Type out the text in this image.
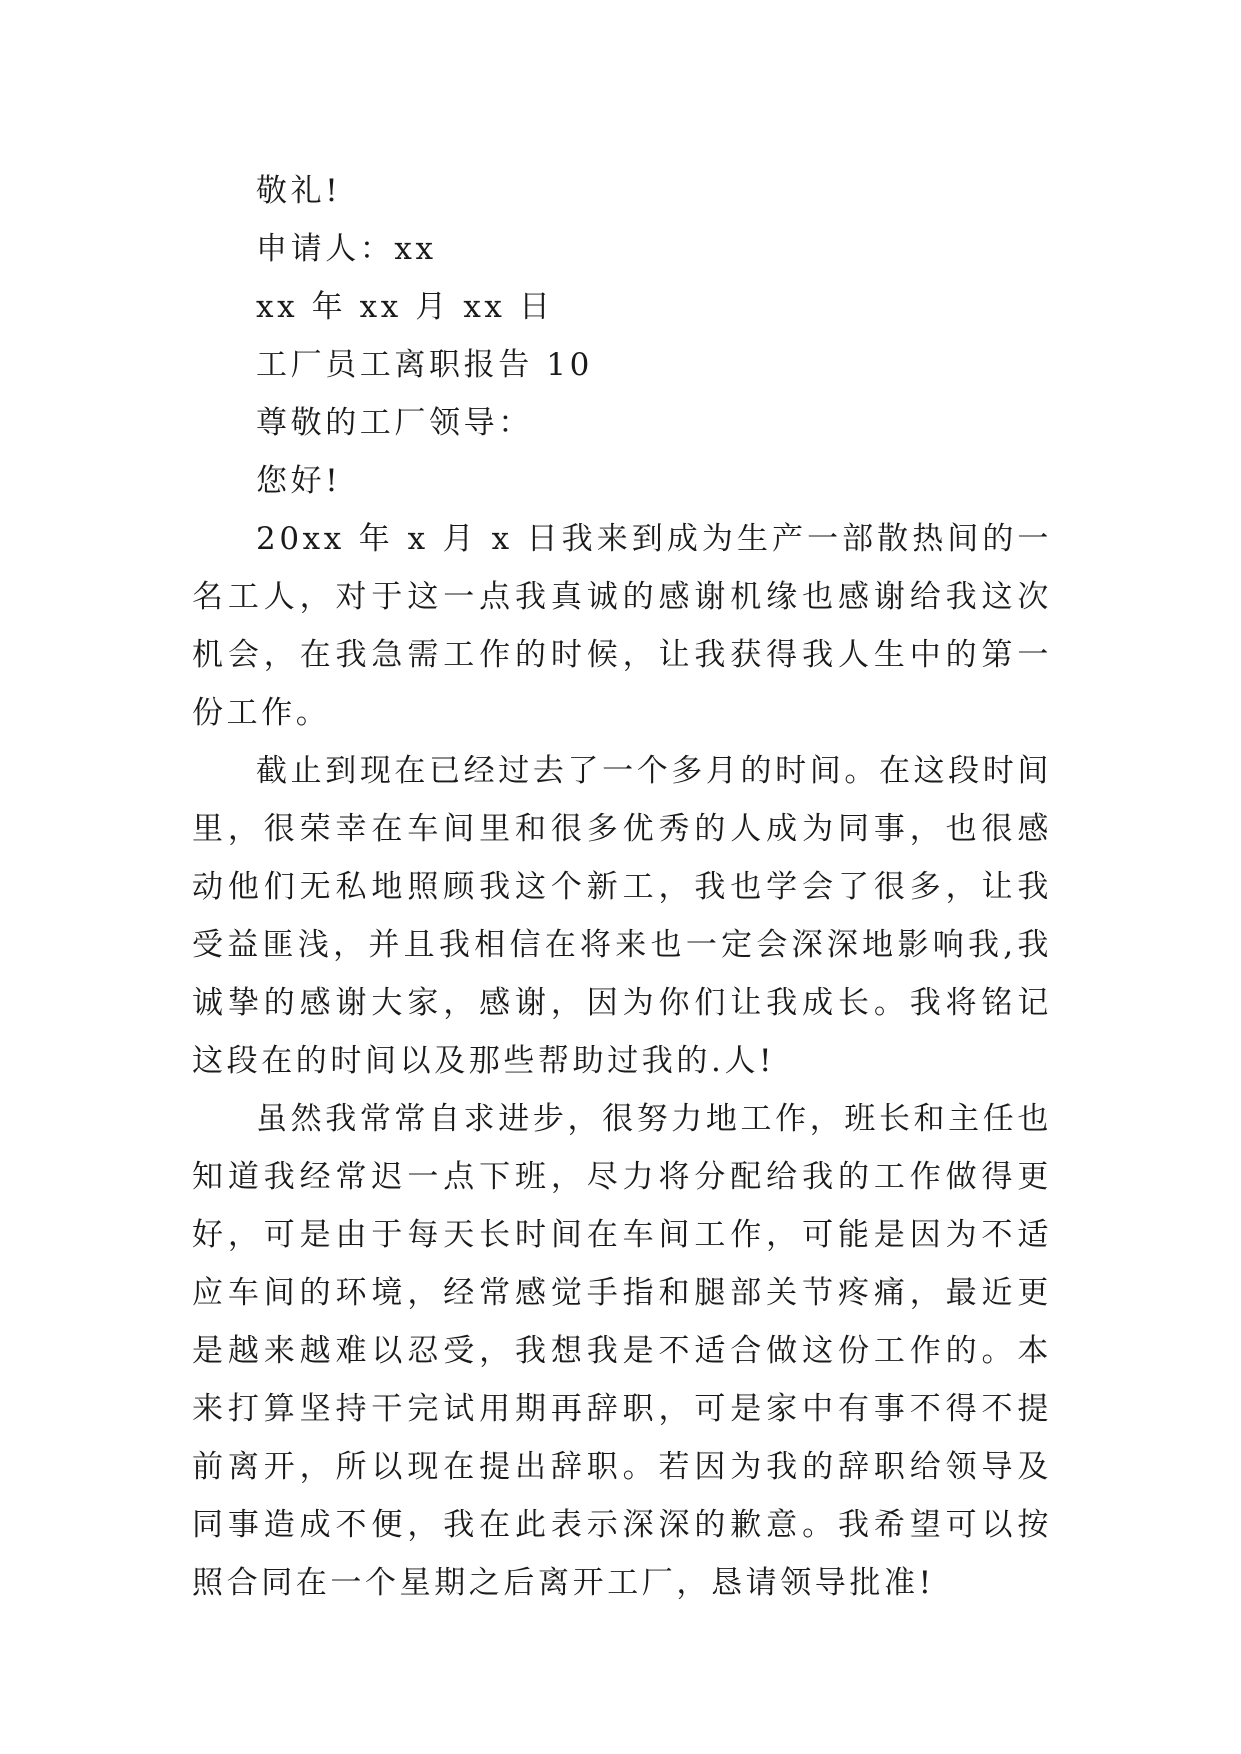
敬礼!

申请人：xx

xx 年 xx 月 xx 日

工厂员工离职报告 10

尊敬的工厂领导：

您好!

20xx 年 x 月 x 日我来到成为生产一部散热间的一名工人，对于这一点我真诚的感谢机缘也感谢给我这次机会，在我急需工作的时候，让我获得我人生中的第一份工作。

截止到现在已经过去了一个多月的时间。在这段时间里，很荣幸在车间里和很多优秀的人成为同事，也很感动他们无私地照顾我这个新工，我也学会了很多，让我受益匪浅，并且我相信在将来也一定会深深地影响我,我诚挚的感谢大家，感谢，因为你们让我成长。我将铭记这段在的时间以及那些帮助过我的.人!

虽然我常常自求进步，很努力地工作，班长和主任也知道我经常迟一点下班，尽力将分配给我的工作做得更好，可是由于每天长时间在车间工作，可能是因为不适应车间的环境，经常感觉手指和腿部关节疼痛，最近更是越来越难以忍受，我想我是不适合做这份工作的。本来打算坚持干完试用期再辞职，可是家中有事不得不提前离开，所以现在提出辞职。若因为我的辞职给领导及同事造成不便，我在此表示深深的歉意。我希望可以按照合同在一个星期之后离开工厂，恳请领导批准!
